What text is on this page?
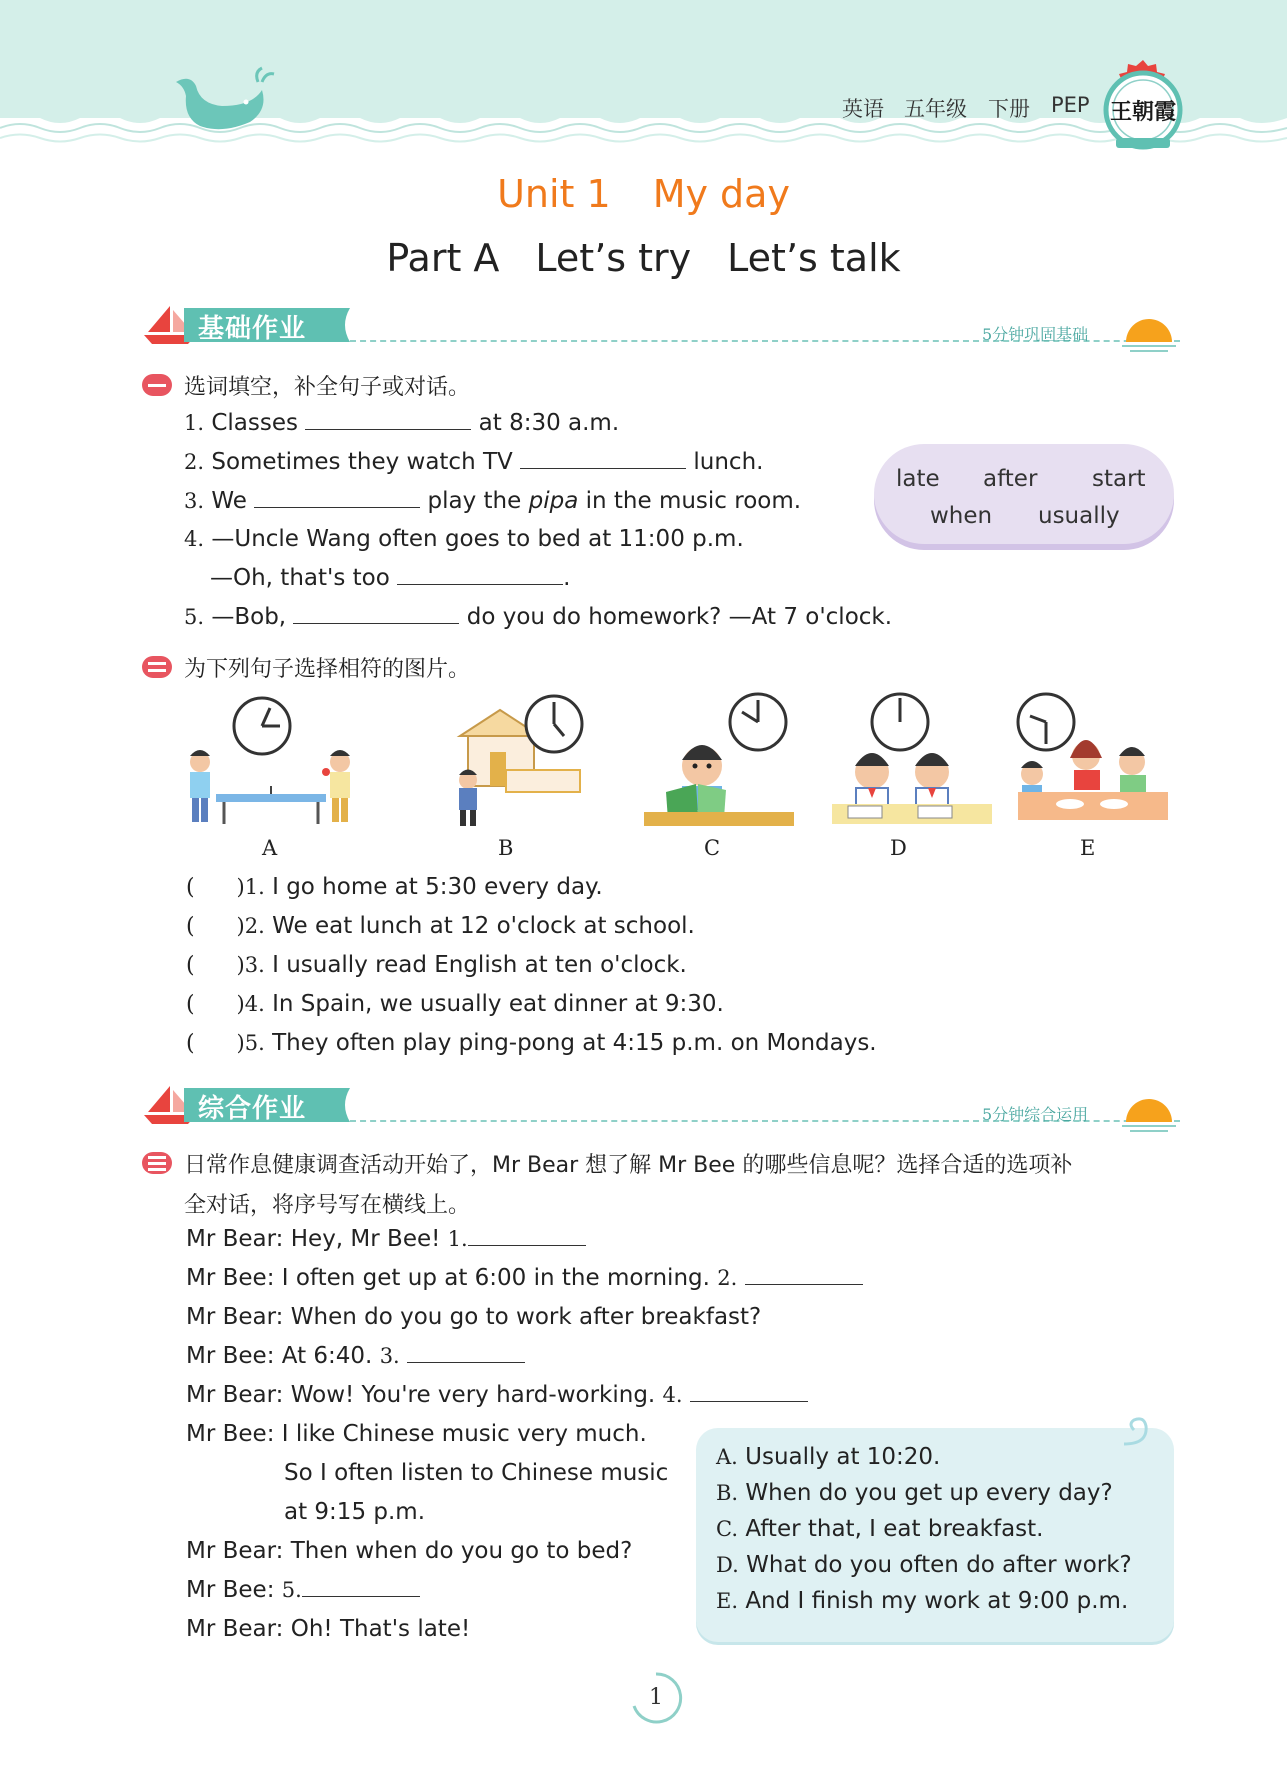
英语 五年级 下册 PEP 王朝霞
Unit 1 My day
Part A Let’s try Let’s talk
基础作业	5分钟巩固基础
选词填空，补全句子或对话。
1. Classes	at 8:30 a.m.
2. Sometimes they watch TV	lunch.
3. We	play the pipa in the music room.
4. —Uncle Wang often goes to bed at 11:00 p.m.
—Oh, that's too	.
5. —Bob,	do you do homework? —At 7 o'clock.
late after start
when usually
为下列句子选择相符的图片。
A	B	C	D	E
(      )1. I go home at 5:30 every day.
(      )2. We eat lunch at 12 o'clock at school.
(      )3. I usually read English at ten o'clock.
(      )4. In Spain, we usually eat dinner at 9:30.
(      )5. They often play ping-pong at 4:15 p.m. on Mondays.
综合作业	5分钟综合运用
日常作息健康调查活动开始了，Mr Bear 想了解 Mr Bee 的哪些信息呢？选择合适的选项补
全对话，将序号写在横线上。
Mr Bear: Hey, Mr Bee! 1.
Mr Bee: I often get up at 6:00 in the morning. 2.
Mr Bear: When do you go to work after breakfast?
Mr Bee: At 6:40. 3.
Mr Bear: Wow! You're very hard-working. 4.
Mr Bee: I like Chinese music very much.
So I often listen to Chinese music
at 9:15 p.m.
Mr Bear: Then when do you go to bed?
Mr Bee: 5.
Mr Bear: Oh! That's late!
A. Usually at 10:20.
B. When do you get up every day?
C. After that, I eat breakfast.
D. What do you often do after work?
E. And I finish my work at 9:00 p.m.
1
